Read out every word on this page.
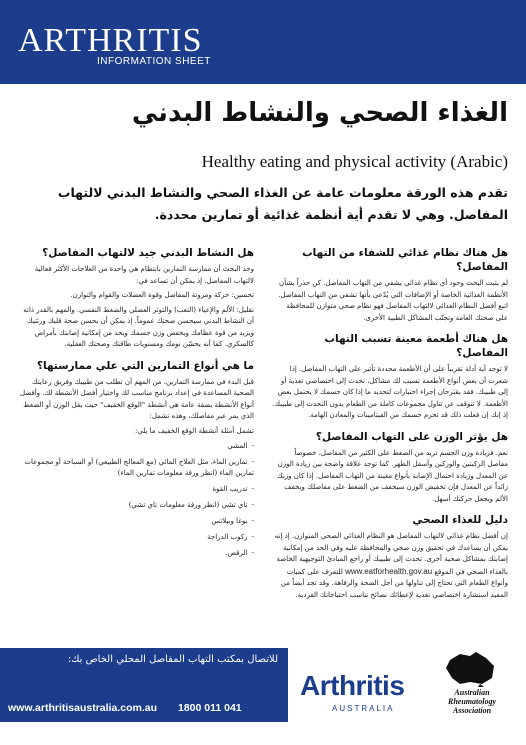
ARTHRITIS
INFORMATION SHEET
الغذاء الصحي والنشاط البدني
Healthy eating and physical activity (Arabic)
تقدم هذه الورقة معلومات عامة عن الغذاء الصحي والنشاط البدني لالتهاب المفاصل. وهي لا تقدم أية أنظمة غذائية أو تمارين محددة.
هل هناك نظام غذائي للشفاء من التهاب المفاصل؟

لم يثبت البحث وجود أي نظام غذائي يشفي من التهاب المفاصل. كن حذراً بشأن الأنظمة الغذائية الخاصة أو الإضافات التي يُدّعى بأنها تشفي من التهاب المفاصل. اتبع أفضل النظام الغذائي لالتهاب المفاصل فهو نظام صحي متوازن للمحافظة على صحتك العامة وتجنّب المشاكل الطبية الأخرى.

هل هناك أطعمة معينة تسبب التهاب المفاصل؟

لا توجد أية أدلة تقريباً على أن الأطعمة محددة تأثير على التهاب المفاصل. إذا شعرت أن بعض أنواع الأطعمة تسبب لك مشاكل، تحدث إلى اختصاصي تغذية أو إلى طبيبك. فقد يقترحان إجراء اختبارات لتحديد ما إذا كان جسمك لا يحتمل بعض الأطعمة. لا تتوقف عن تناول مجموعات كاملة من الطعام بدون التحدث إلى طبيبك. إذ إنك إن فعلت ذلك قد تحرم جسمك من الفيتامينات والمعادن الهامة.

هل يؤثر الوزن على التهاب المفاصل؟

نعم. فزيادة وزن الجسم تزيد من الضغط على الكثير من المفاصل، خصوصاً مفاصل الركبتين والوركين وأسفل الظهر. كما توجد علاقة واضحة بين زيادة الوزن عن المعدل وزيادة احتمال الإصابة بأنواع معينة من التهاب المفاصل. إذا كان وزنك زائداً عن المعدل فإن تخفيض الوزن سيخفف من الضغط على مفاصلك ويخفف الألم ويجعل حركتك أسهل.

دليل للغذاء الصحي

إن أفضل نظام غذائي لالتهاب المفاصل هو النظام الغذائي الصحي المتوازن. إذ إنه يمكن أن يساعدك في تحقيق وزن صحي والمحافظة عليه وفي الحد من إمكانية إصابتك بمشاكل صحية أخرى. تحدث إلى طبيبك أو راجع المبادئ التوجيهية الخاصة بالغذاء الصحي في الموقع www.eatforhealth.gov.au للتعرف على كميات وأنواع الطعام التي تحتاج إلى تناولها من أجل الصحة والرفاهة. وقد تجد أيضاً من المفيد استشارة اختصاصي تغذية لإعطائك نصائح تناسب احتياجاتك الفردية.

هل النشاط البدني جيد لالتهاب المفاصل؟

وجد البحث أن ممارسة التمارين بانتظام هي واحدة من العلاجات الأكثر فعالية لالتهاب المفاصل. إذ يمكن أن تساعد في:

تحسين: حركة ومرونة المفاصل وقوة العضلات والقوام والتوازن.

تقليل: الألم والإعياء (التعب) والتوتر العضلي والضغط النفسي. والمهم بالقدر ذاته أن النشاط البدني سيحسن صحتك عموماً. إذ يمكن أن يحسن صحة قلبك ورئتيك ويزيد من قوة عظامك ويخفض وزن جسمك ويحد من إمكانية إصابتك بأمراض كالسكري. كما أنه يحسّن نومك ومستويات طاقتك وصحتك العقلية.

ما هي أنواع التمارين التي علي ممارستها؟

قبل البدء في ممارسة التمارين، من المهم أن تطلب من طبيبك وفريق رعايتك الصحية المساعدة في إعداد برنامج مناسب لك واختيار أفضل الأنشطة لك. وأفضل أنواع الأنشطة بصفة عامة هي أنشطة "الوقع الخفيف" حيث يقل الوزن أو الضغط الذي يمر عبر مفاصلك، وهذه تشمل:

تشمل أمثلة أنشطة الوقع الخفيف ما يلي:

- المشي
- تمارين الماء، مثل العلاج المائي (مع المعالج الطبيعي) أو السباحة أو مجموعات تمارين الماء (انظر ورقة معلومات تمارين الماء)
- تدريب القوة
- تاي تشي (انظر ورقة معلومات تاي تشي)
- يوغا وبيلاتس
- ركوب الدراجة
- الرقص.
للاتصال بمكتب التهاب المفاصل المحلي الخاص بك:
www.arthritisaustralia.com.au 1800 011 041
Arthritis
AUSTRALIA
Australian
Rheumatology
Association
